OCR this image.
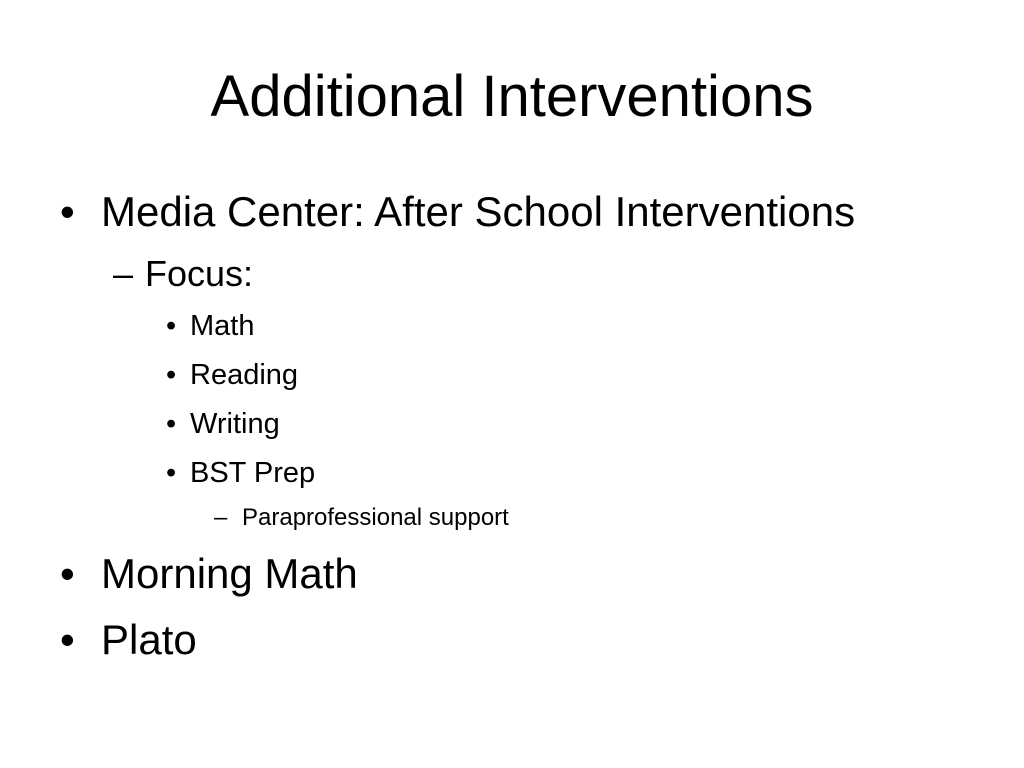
Additional Interventions
• Media Center: After School Interventions
– Focus:
• Math
• Reading
• Writing
• BST Prep
– Paraprofessional support
• Morning Math
• Plato
